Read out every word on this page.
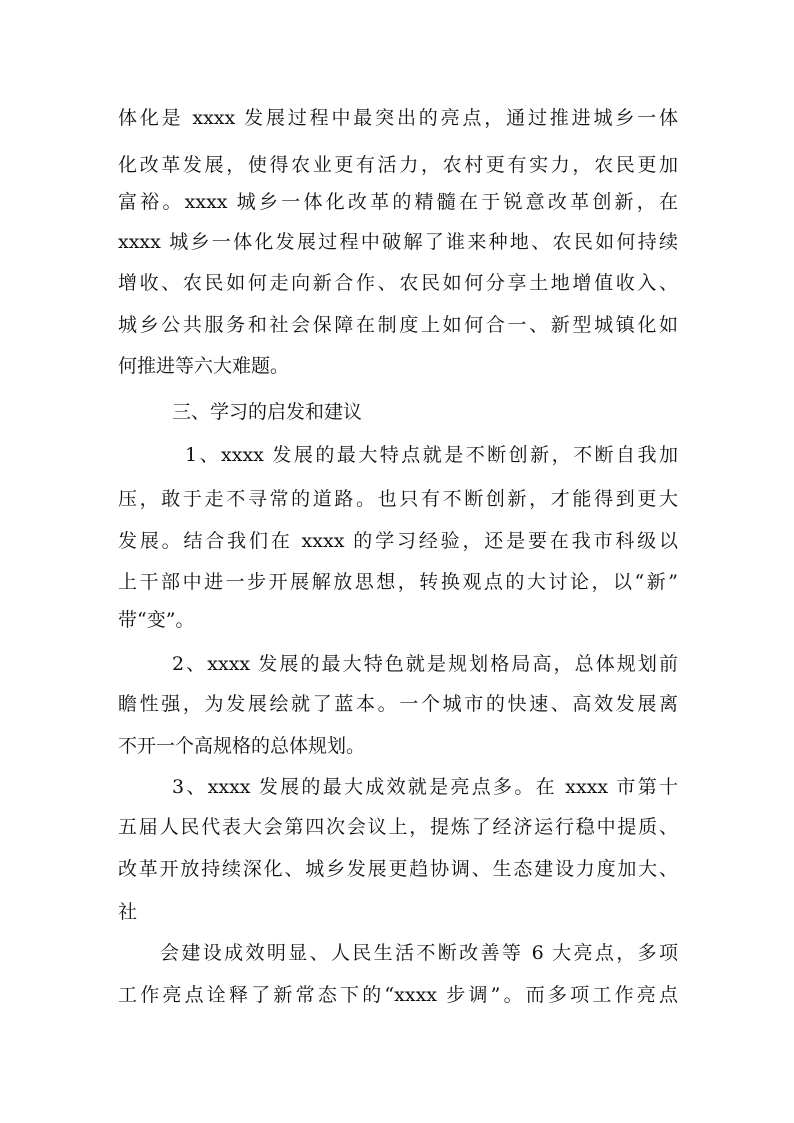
体化是 xxxx 发展过程中最突出的亮点，通过推进城乡一体
化改革发展，使得农业更有活力，农村更有实力，农民更加
富裕。xxxx 城乡一体化改革的精髓在于锐意改革创新，在
xxxx 城乡一体化发展过程中破解了谁来种地、农民如何持续
增收、农民如何走向新合作、农民如何分享土地增值收入、
城乡公共服务和社会保障在制度上如何合一、新型城镇化如
何推进等六大难题。
三、学习的启发和建议
1、xxxx 发展的最大特点就是不断创新，不断自我加
压，敢于走不寻常的道路。也只有不断创新，才能得到更大
发展。结合我们在 xxxx 的学习经验，还是要在我市科级以
上干部中进一步开展解放思想，转换观点的大讨论，以“新”
带“变”。
2、xxxx 发展的最大特色就是规划格局高，总体规划前
瞻性强，为发展绘就了蓝本。一个城市的快速、高效发展离
不开一个高规格的总体规划。
3、xxxx 发展的最大成效就是亮点多。在 xxxx 市第十
五届人民代表大会第四次会议上，提炼了经济运行稳中提质、
改革开放持续深化、城乡发展更趋协调、生态建设力度加大、
社
会建设成效明显、人民生活不断改善等 6 大亮点，多项
工作亮点诠释了新常态下的“xxxx 步调”。而多项工作亮点
